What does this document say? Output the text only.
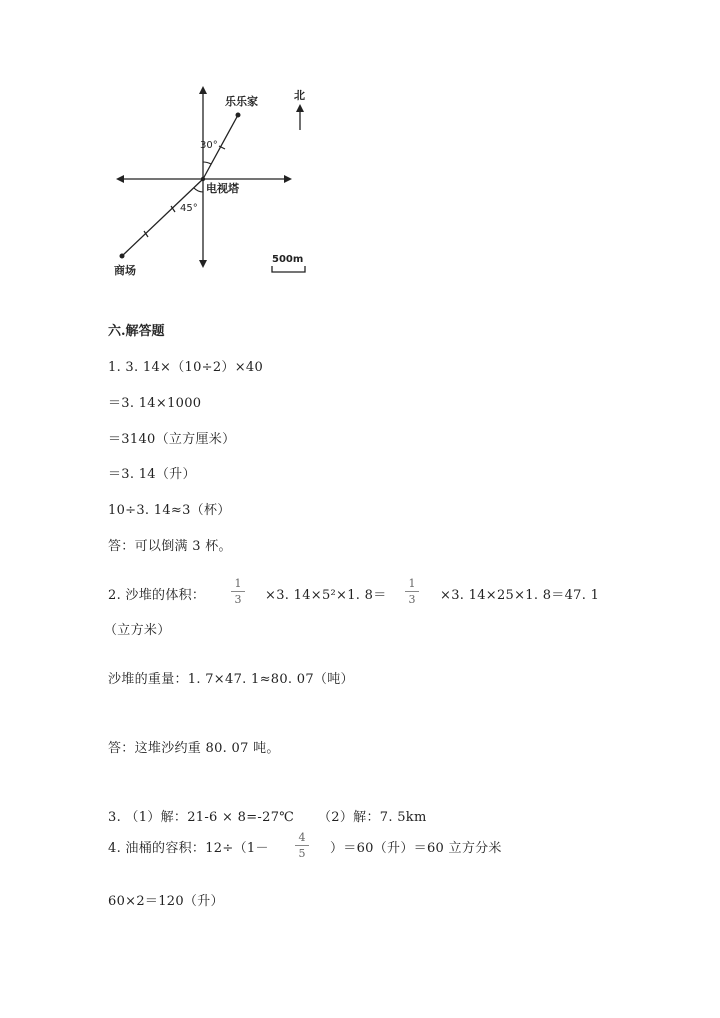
乐乐家
30°
电视塔
45°
商场
北
500m
六.解答题
1. 3. 14×（10÷2）×40
＝3. 14×1000
＝3140（立方厘米）
＝3. 14（升）
10÷3. 14≈3（杯）
答：可以倒满 3 杯。
2. 沙堆的体积：
1
3 ×3. 14×5²×1. 8＝
1
3 ×3. 14×25×1. 8＝47. 1
（立方米）
沙堆的重量：1. 7×47. 1≈80. 07（吨）
答：这堆沙约重 80. 07 吨。
3. （1）解：21-6 × 8=-27℃ （2）解：7. 5km
4. 油桶的容积：12÷（1－
4
5 ）＝60（升）＝60 立方分米
60×2＝120（升）
